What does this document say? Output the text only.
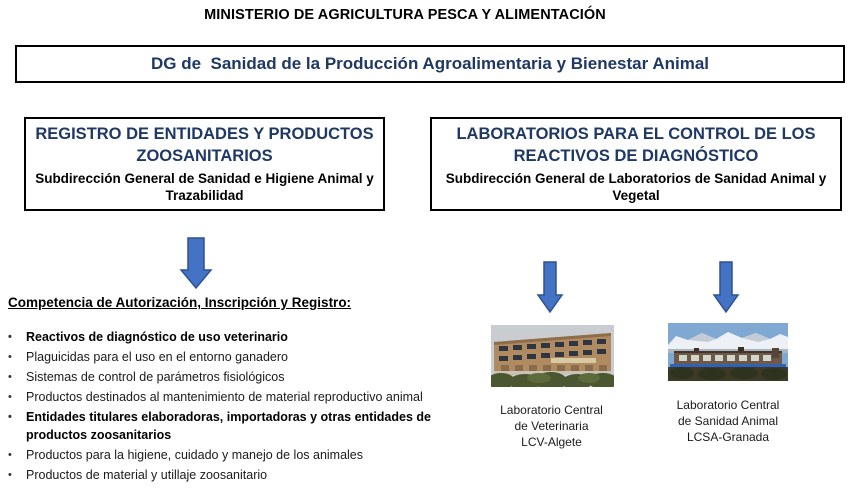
MINISTERIO DE AGRICULTURA PESCA Y ALIMENTACIÓN
DG de  Sanidad de la Producción Agroalimentaria y Bienestar Animal
REGISTRO DE ENTIDADES Y PRODUCTOS ZOOSANITARIOS
Subdirección General de Sanidad e Higiene Animal y Trazabilidad
LABORATORIOS PARA EL CONTROL DE LOS REACTIVOS DE DIAGNÓSTICO
Subdirección General de Laboratorios de Sanidad Animal y Vegetal
Competencia de Autorización, Inscripción y Registro:
•	Reactivos de diagnóstico de uso veterinario
•	Plaguicidas para el uso en el entorno ganadero
•	Sistemas de control de parámetros fisiológicos
•	Productos destinados al mantenimiento de material reproductivo animal
•	Entidades titulares elaboradoras, importadoras y otras entidades de productos zoosanitarios
•	Productos para la higiene, cuidado y manejo de los animales
•	Productos de material y utillaje zoosanitario
Laboratorio Central
de Veterinaria
LCV-Algete
Laboratorio Central
de Sanidad Animal
LCSA-Granada
